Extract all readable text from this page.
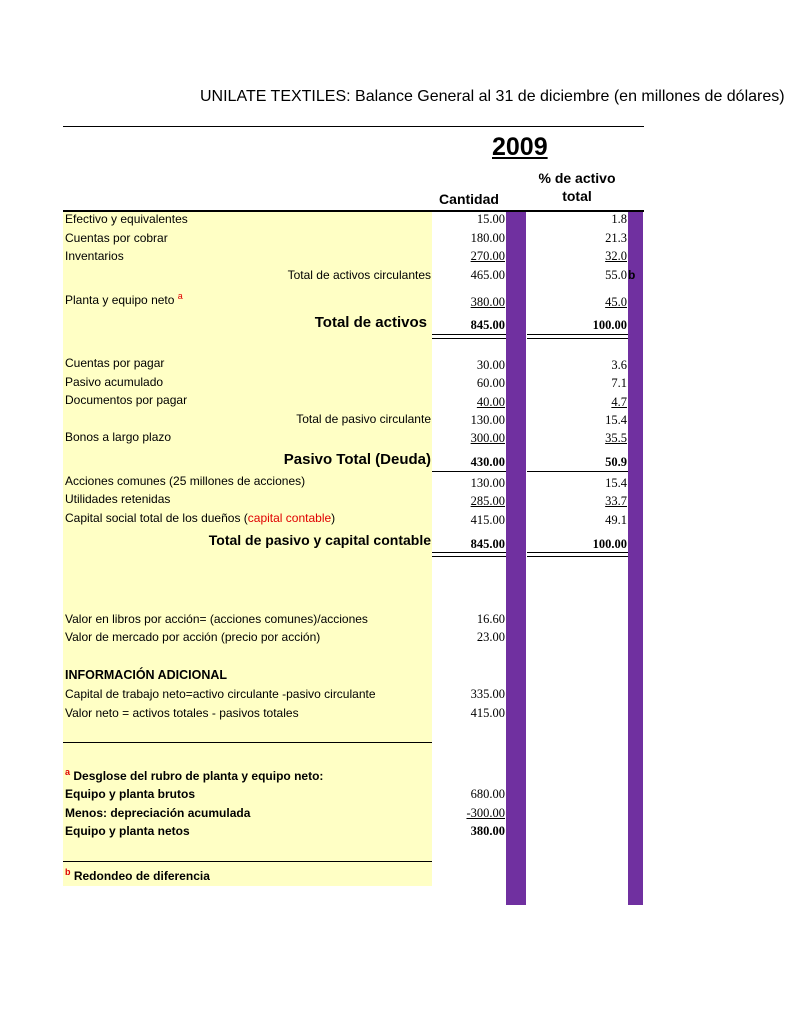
UNILATE TEXTILES: Balance General al 31 de diciembre (en millones de dólares)
2009
Cantidad
% de activo
total
Efectivo y equivalentes	15.00	1.8
Cuentas por cobrar	180.00	21.3
Inventarios	270.00	32.0
Total de activos circulantes	465.00	55.0 b
Planta y equipo neto $^a$	380.00	45.0
Total de activos	845.00	100.00
Cuentas por pagar	30.00	3.6
Pasivo acumulado	60.00	7.1
Documentos por pagar	40.00	4.7
Total de pasivo circulante	130.00	15.4
Bonos a largo plazo	300.00	35.5
Pasivo Total (Deuda)	430.00	50.9
Acciones comunes (25 millones de acciones)	130.00	15.4
Utilidades retenidas	285.00	33.7
Capital social total de los dueños (capital contable)	415.00	49.1
Total de pasivo y capital contable	845.00	100.00
Valor en libros por acción= (acciones comunes)/acciones	16.60
Valor de mercado por acción (precio por acción)	23.00
INFORMACIÓN ADICIONAL
Capital de trabajo neto=activo circulante -pasivo circulante	335.00
Valor neto = activos totales - pasivos totales	415.00
$^a$ Desglose del rubro de planta y equipo neto:
Equipo y planta brutos	680.00
Menos: depreciación acumulada	-300.00
Equipo y planta netos	380.00
$^b$ Redondeo de diferencia
